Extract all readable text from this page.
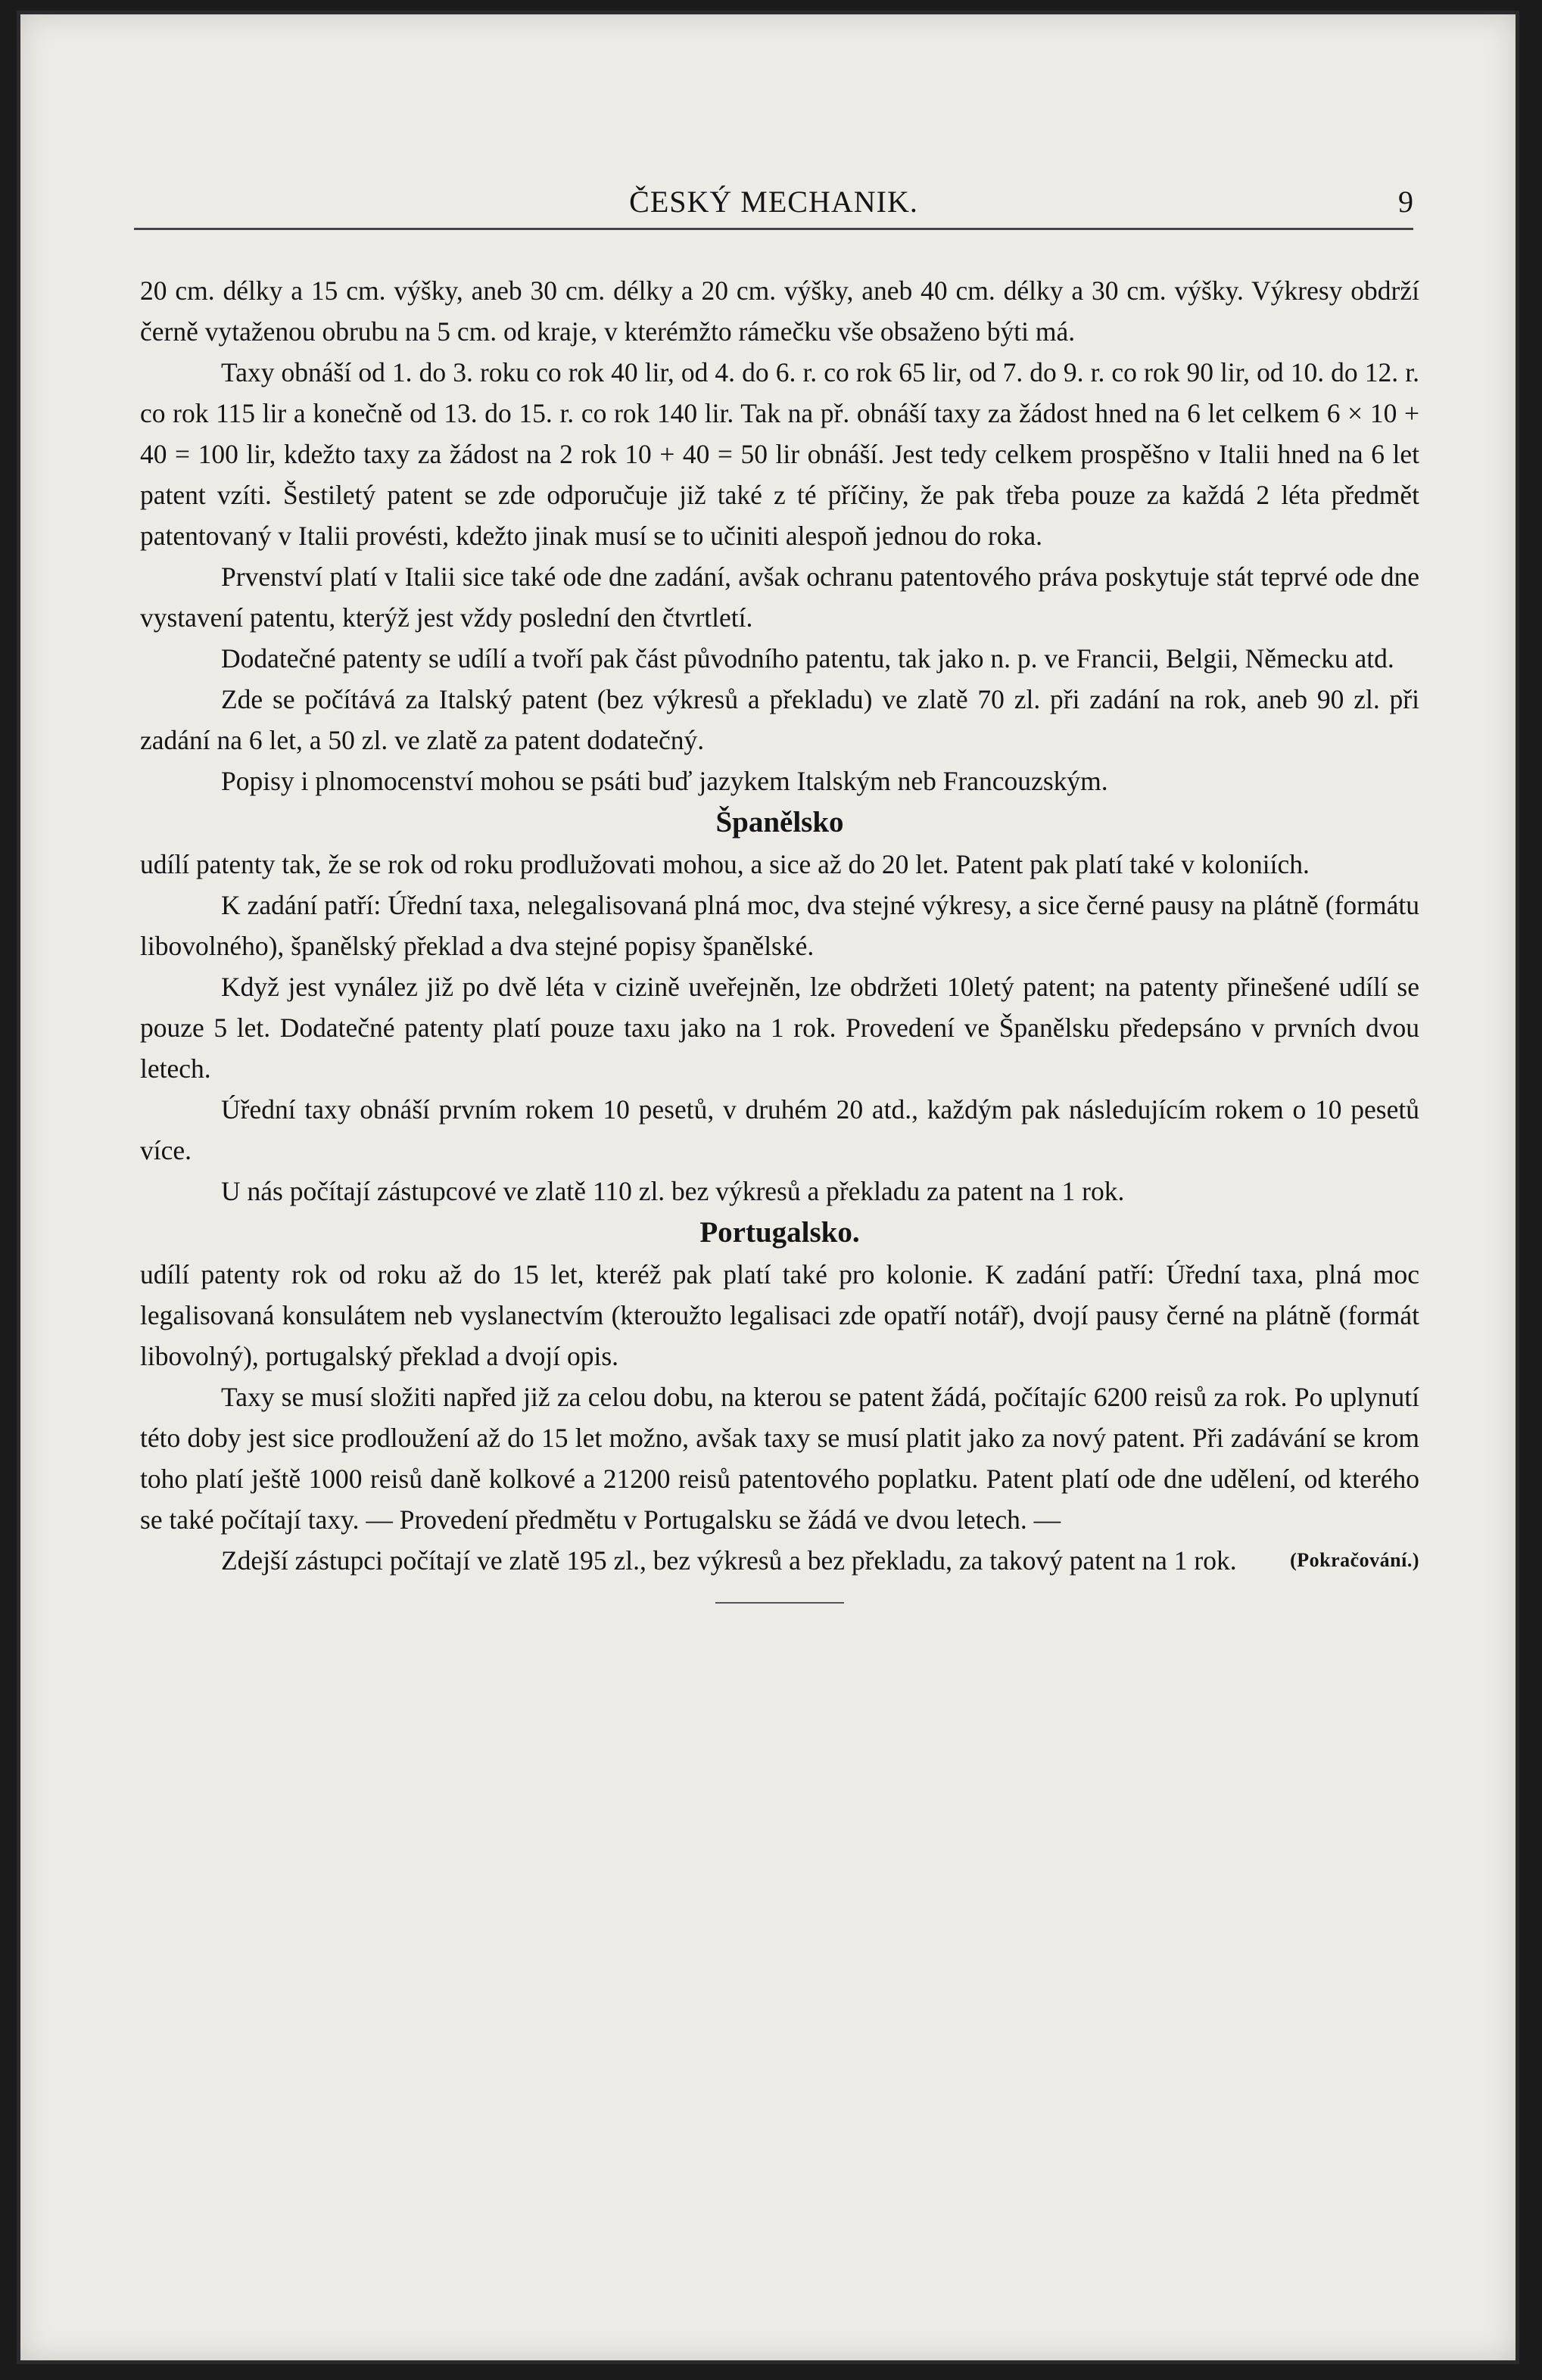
ČESKÝ MECHANIK.	9

20 cm. délky a 15 cm. výšky, aneb 30 cm. délky a 20 cm. výšky, aneb 40 cm. délky a 30 cm. výšky. Výkresy obdrží černě vytaženou obrubu na 5 cm. od kraje, v kterémžto rámečku vše obsaženo býti má.

Taxy obnáší od 1. do 3. roku co rok 40 lir, od 4. do 6. r. co rok 65 lir, od 7. do 9. r. co rok 90 lir, od 10. do 12. r. co rok 115 lir a konečně od 13. do 15. r. co rok 140 lir. Tak na př. obnáší taxy za žádost hned na 6 let celkem 6 × 10 + 40 = 100 lir, kdežto taxy za žádost na 2 rok 10 + 40 = 50 lir obnáší. Jest tedy celkem prospěšno v Italii hned na 6 let patent vzíti. Šestiletý patent se zde odporučuje již také z té příčiny, že pak třeba pouze za každá 2 léta předmět patentovaný v Italii provésti, kdežto jinak musí se to učiniti alespoň jednou do roka.

Prvenství platí v Italii sice také ode dne zadání, avšak ochranu patentového práva poskytuje stát teprvé ode dne vystavení patentu, kterýž jest vždy poslední den čtvrtletí.

Dodatečné patenty se udílí a tvoří pak část původního patentu, tak jako n. p. ve Francii, Belgii, Německu atd.

Zde se počítává za Italský patent (bez výkresů a překladu) ve zlatě 70 zl. při zadání na rok, aneb 90 zl. při zadání na 6 let, a 50 zl. ve zlatě za patent dodatečný.

Popisy i plnomocenství mohou se psáti buď jazykem Italským neb Francouzským.

Španělsko

udílí patenty tak, že se rok od roku prodlužovati mohou, a sice až do 20 let. Patent pak platí také v koloniích.

K zadání patří: Úřední taxa, nelegalisovaná plná moc, dva stejné výkresy, a sice černé pausy na plátně (formátu libovolného), španělský překlad a dva stejné popisy španělské.

Když jest vynález již po dvě léta v cizině uveřejněn, lze obdržeti 10letý patent; na patenty přinešené udílí se pouze 5 let. Dodatečné patenty platí pouze taxu jako na 1 rok. Provedení ve Španělsku předepsáno v prvních dvou letech.

Úřední taxy obnáší prvním rokem 10 pesetů, v druhém 20 atd., každým pak následujícím rokem o 10 pesetů více.

U nás počítají zástupcové ve zlatě 110 zl. bez výkresů a překladu za patent na 1 rok.

Portugalsko.

udílí patenty rok od roku až do 15 let, kteréž pak platí také pro kolonie. K zadání patří: Úřední taxa, plná moc legalisovaná konsulátem neb vyslanectvím (kteroužto legalisaci zde opatří notář), dvojí pausy černé na plátně (formát libovolný), portugalský překlad a dvojí opis.

Taxy se musí složiti napřed již za celou dobu, na kterou se patent žádá, počítajíc 6200 reisů za rok. Po uplynutí této doby jest sice prodloužení až do 15 let možno, avšak taxy se musí platit jako za nový patent. Při zadávání se krom toho platí ještě 1000 reisů daně kolkové a 21200 reisů patentového poplatku. Patent platí ode dne udělení, od kterého se také počítají taxy. — Provedení předmětu v Portugalsku se žádá ve dvou letech. —

Zdejší zástupci počítají ve zlatě 195 zl., bez výkresů a bez překladu, za takový patent na 1 rok.	(Pokračování.)
